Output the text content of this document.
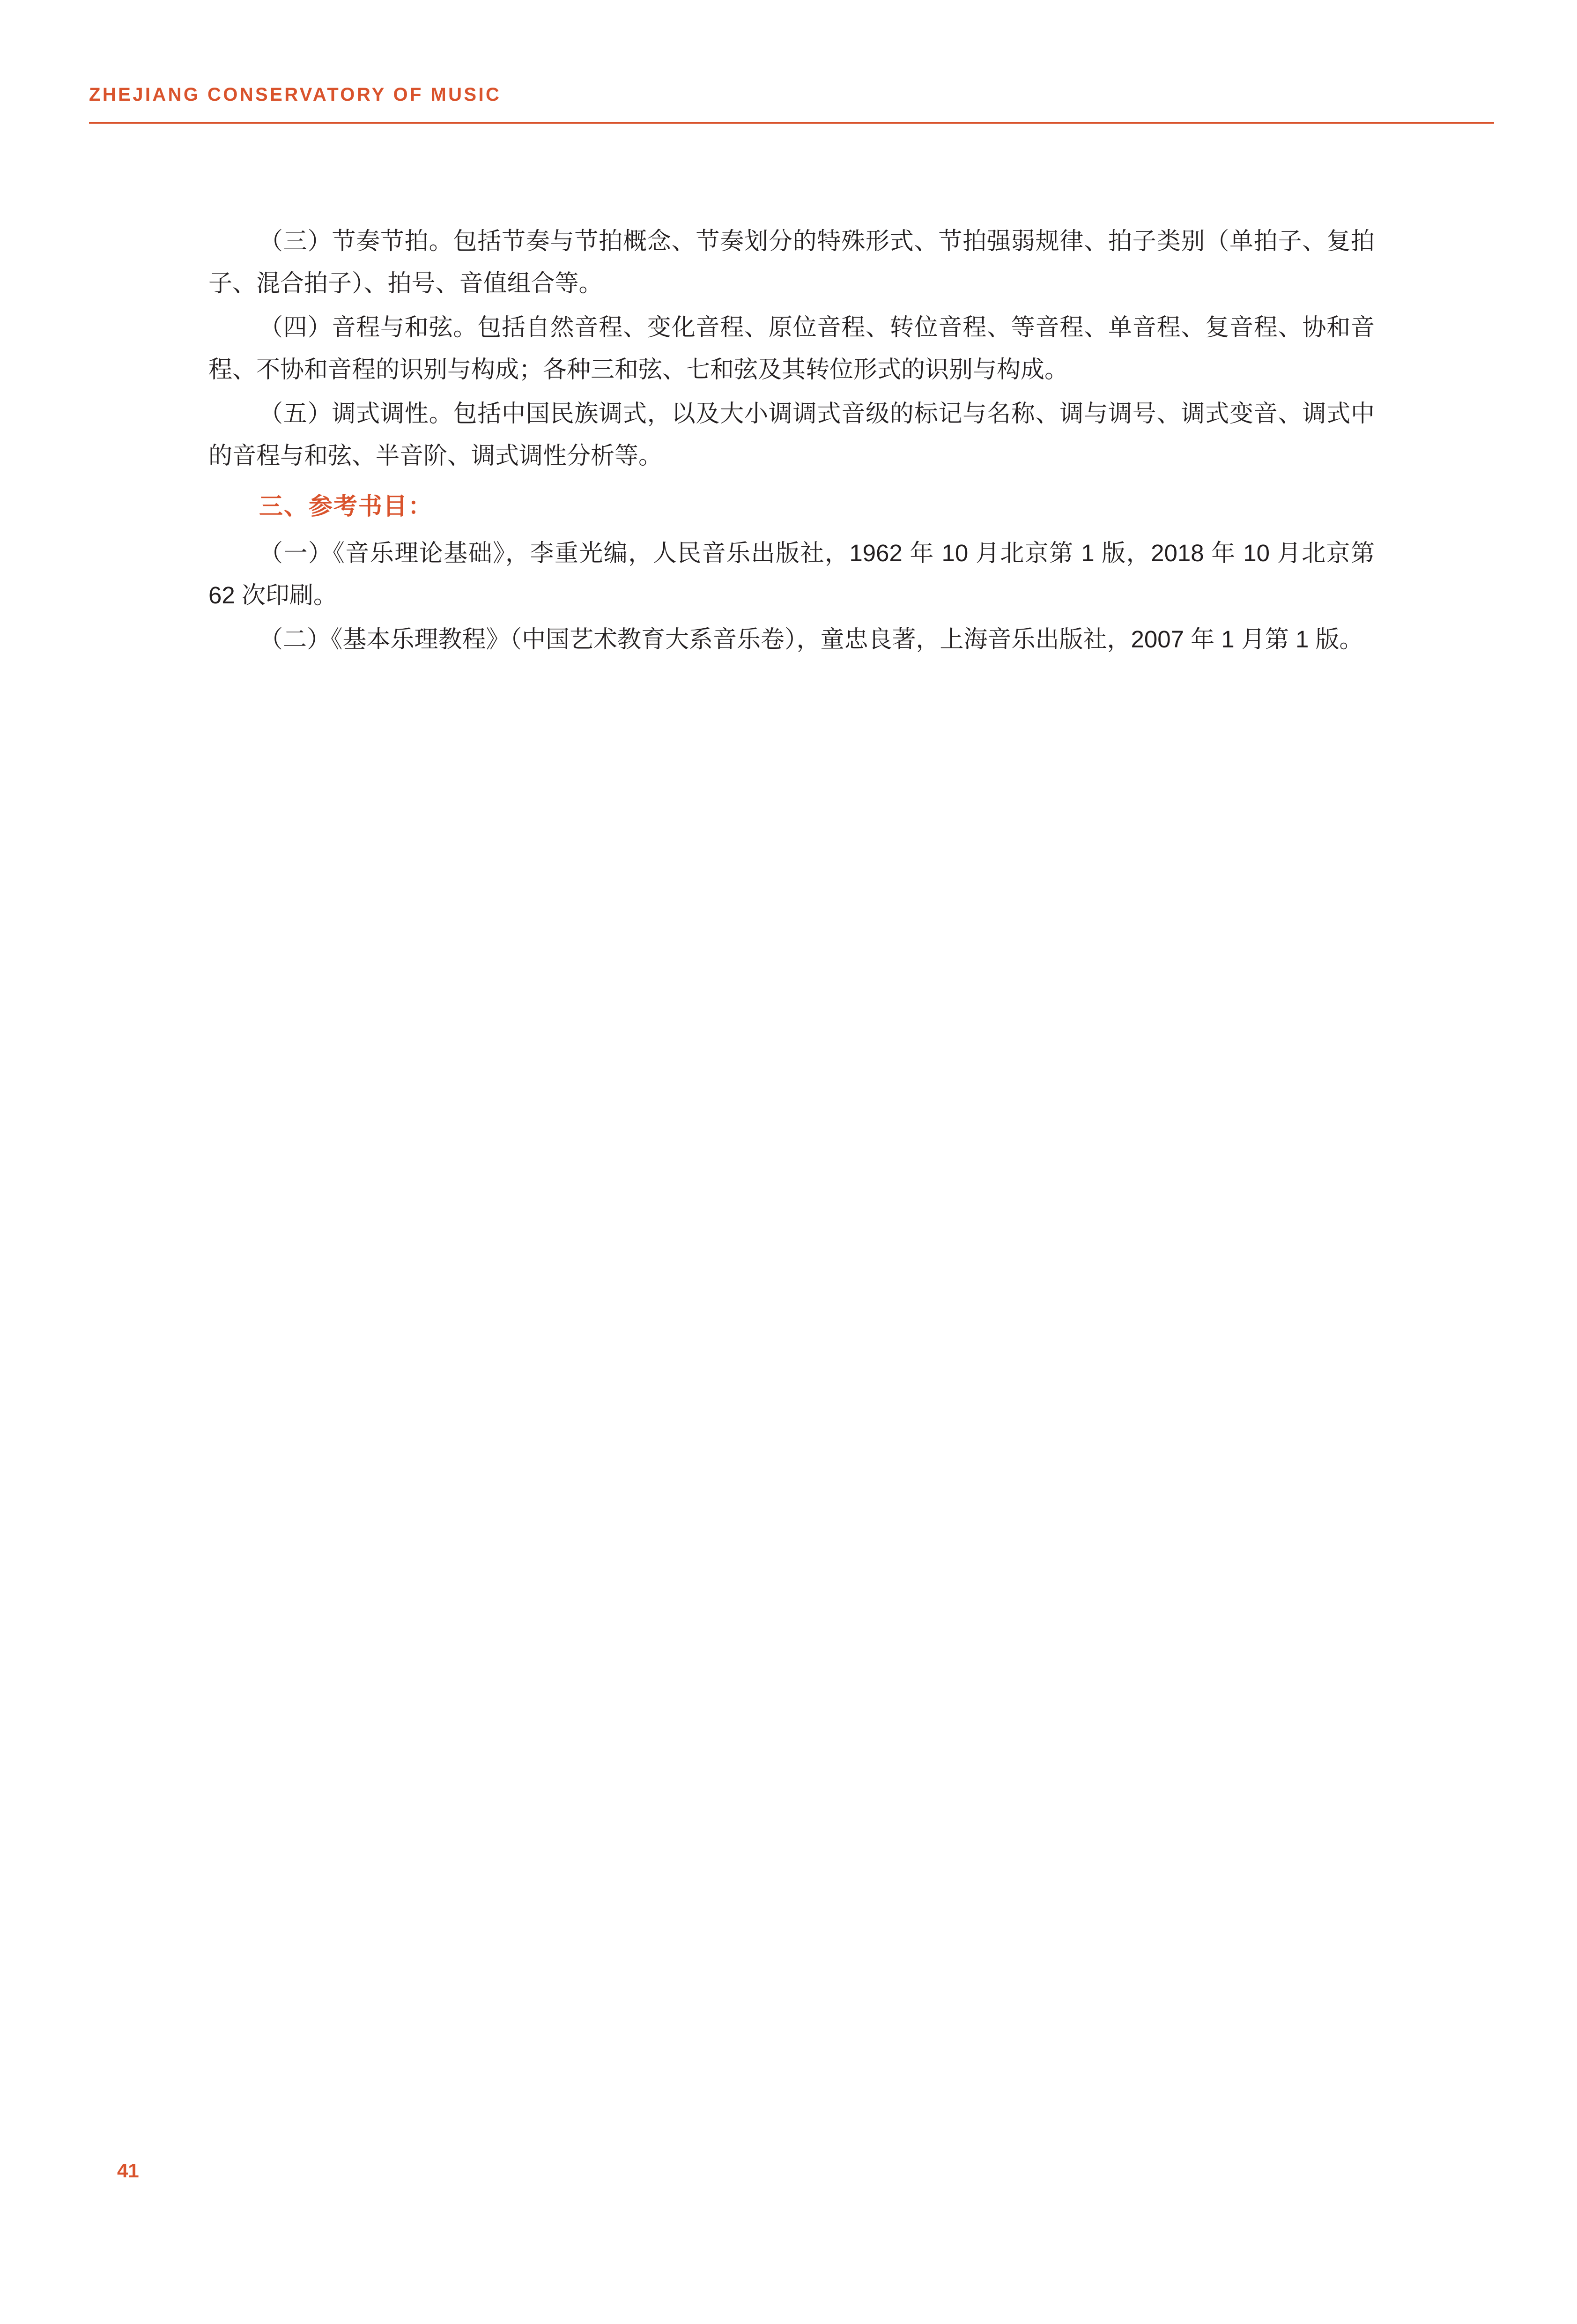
ZHEJIANG CONSERVATORY OF MUSIC

（三）节奏节拍。包括节奏与节拍概念、节奏划分的特殊形式、节拍强弱规律、拍子类别（单拍子、复拍子、混合拍子）、拍号、音值组合等。

（四）音程与和弦。包括自然音程、变化音程、原位音程、转位音程、等音程、单音程、复音程、协和音程、不协和音程的识别与构成；各种三和弦、七和弦及其转位形式的识别与构成。

（五）调式调性。包括中国民族调式，以及大小调调式音级的标记与名称、调与调号、调式变音、调式中的音程与和弦、半音阶、调式调性分析等。

三、参考书目：

（一）《音乐理论基础》，李重光编，人民音乐出版社，1962 年 10 月北京第 1 版，2018 年 10 月北京第 62 次印刷。

（二）《基本乐理教程》（中国艺术教育大系音乐卷），童忠良著，上海音乐出版社，2007 年 1 月第 1 版。

41
